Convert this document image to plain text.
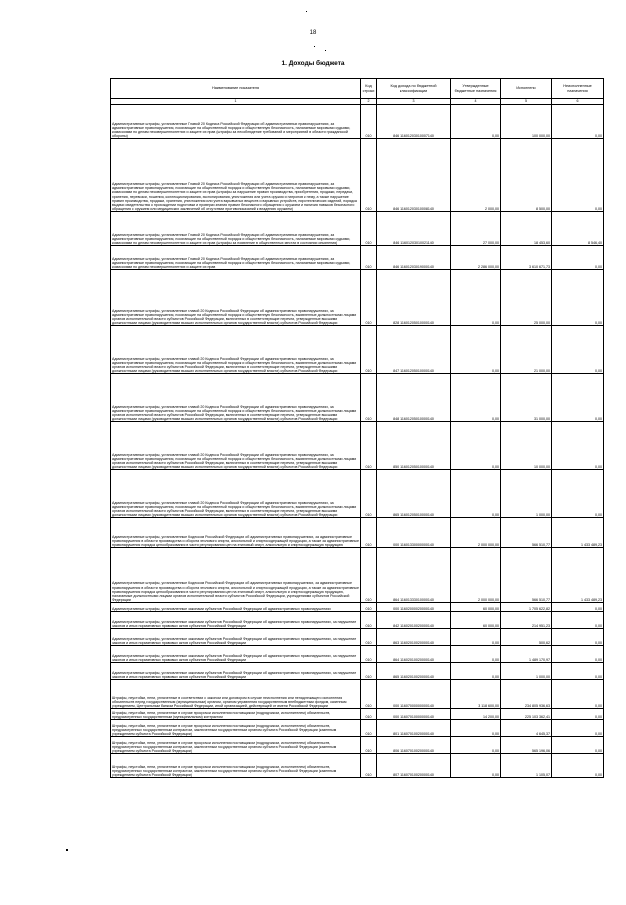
18
1. Доходы бюджета
Наименование показателя	Код строки	Код дохода по бюджетной классификации	Утвержденные бюджетные назначения	Исполнено	Неисполненные назначения
1	2	3	4	5	6
Административные штрафы, установленные Главой 20 Кодекса Российской Федерации об административных правонарушениях, за административные правонарушения, посягающие на общественный порядок и общественную безопасность, налагаемые мировыми судьями, комиссиями по делам несовершеннолетних и защите их прав (штрафы за несоблюдение требований и мероприятий в области гражданской обороны)	010	846 11601203010007140	0,00	100 000,00	0,00
Административные штрафы, установленные Главой 20 Кодекса Российской Федерации об административных правонарушениях, за административные правонарушения, посягающие на общественный порядок и общественную безопасность, налагаемые мировыми судьями, комиссиями по делам несовершеннолетних и защите их прав (штрафы за нарушение правил производства, приобретения, продажи, передачи, хранения, перевозки, ношения, коллекционирования, экспонирования, уничтожения или учета оружия и патронов к нему, а также нарушение правил производства, продажи, хранения, уничтожения или учета взрывчатых веществ и взрывных устройств, пиротехнических изделий, порядка выдачи свидетельства о прохождении подготовки и проверки знания правил безопасного обращения с оружием и наличия навыков безопасного обращения с оружием или медицинских заключений об отсутствии противопоказаний к владению оружием)	010	846 11601203010008140	2 000,00	8 500,00	0,00
Административные штрафы, установленные Главой 20 Кодекса Российской Федерации об административных правонарушениях, за административные правонарушения, посягающие на общественный порядок и общественную безопасность, налагаемые мировыми судьями, комиссиями по делам несовершеннолетних и защите их прав (штрафы за появление в общественных местах в состоянии опьянения)	010	846 11601203010021140	27 000,00	18 453,60	8 546,40
Административные штрафы, установленные Главой 20 Кодекса Российской Федерации об административных правонарушениях, за административные правонарушения, посягающие на общественный порядок и общественную безопасность, налагаемые мировыми судьями, комиссиями по делам несовершеннолетних и защите их прав	010	846 11601203019000140	2 286 000,00	3 610 671,73	0,00
Административные штрафы, установленные главой 20 Кодекса Российской Федерации об административных правонарушениях, за административные правонарушения, посягающие на общественный порядок и общественную безопасность, выявленные должностными лицами органов исполнительной власти субъектов Российской Федерации, включенных в соответствующие перечни, утвержденные высшими должностными лицами (руководителями высших исполнительных органов государственной власти) субъектов Российской Федерации	010	828 11601205010000140	0,00	25 000,00	0,00
Административные штрафы, установленные главой 20 Кодекса Российской Федерации об административных правонарушениях, за административные правонарушения, посягающие на общественный порядок и общественную безопасность, выявленные должностными лицами органов исполнительной власти субъектов Российской Федерации, включенных в соответствующие перечни, утвержденные высшими должностными лицами (руководителями высших исполнительных органов государственной власти) субъектов Российской Федерации	010	847 11601205010000140	0,00	21 000,00	0,00
Административные штрафы, установленные главой 20 Кодекса Российской Федерации об административных правонарушениях, за административные правонарушения, посягающие на общественный порядок и общественную безопасность, выявленные должностными лицами органов исполнительной власти субъектов Российской Федерации, включенных в соответствующие перечни, утвержденные высшими должностными лицами (руководителями высших исполнительных органов государственной власти) субъектов Российской Федерации	010	848 11601205010000140	0,00	31 000,00	0,00
Административные штрафы, установленные главой 20 Кодекса Российской Федерации об административных правонарушениях, за административные правонарушения, посягающие на общественный порядок и общественную безопасность, выявленные должностными лицами органов исполнительной власти субъектов Российской Федерации, включенных в соответствующие перечни, утвержденные высшими должностными лицами (руководителями высших исполнительных органов государственной власти) субъектов Российской Федерации	010	850 11601205010000140	0,00	10 000,00	0,00
Административные штрафы, установленные главой 20 Кодекса Российской Федерации об административных правонарушениях, за административные правонарушения, посягающие на общественный порядок и общественную безопасность, выявленные должностными лицами органов исполнительной власти субъектов Российской Федерации, включенных в соответствующие перечни, утвержденные высшими должностными лицами (руководителями высших исполнительных органов государственной власти) субъектов Российской Федерации	010	865 11601205010000140	0,00	1 000,00	0,00
Административные штрафы, установленные Кодексом Российской Федерации об административных правонарушениях, за административные правонарушения в области производства и оборота этилового спирта, алкогольной и спиртосодержащей продукции, а также за административные правонарушения порядка ценообразования в части регулирования цен на этиловый спирт, алкогольную и спиртосодержащую продукцию	010	000 11601330000000140	2 000 000,00	566 510,77	1 433 489,23
Административные штрафы, установленные Кодексом Российской Федерации об административных правонарушениях, за административные правонарушения в области производства и оборота этилового спирта, алкогольной и спиртосодержащей продукции, а также за административные правонарушения порядка ценообразования в части регулирования цен на этиловый спирт, алкогольную и спиртосодержащую продукцию, налагаемые должностными лицами органов исполнительной власти субъектов Российской Федерации, учреждениями субъектов Российской Федерации	010	864 11601333010000140	2 000 000,00	566 510,77	1 433 489,23
Административные штрафы, установленные законами субъектов Российской Федерации об административных правонарушениях	010	000 11602000020000140	60 000,00	1 705 622,82	0,00
Административные штрафы, установленные законами субъектов Российской Федерации об административных правонарушениях, за нарушение законов и иных нормативных правовых актов субъектов Российской Федерации	010	842 11602010020000140	60 000,00	214 951,23	0,00
Административные штрафы, установленные законами субъектов Российской Федерации об административных правонарушениях, за нарушение законов и иных нормативных правовых актов субъектов Российской Федерации	010	863 11602010020000140	0,00	500,62	0,00
Административные штрафы, установленные законами субъектов Российской Федерации об административных правонарушениях, за нарушение законов и иных нормативных правовых актов субъектов Российской Федерации	010	864 11602010020000140	0,00	1 489 170,97	0,00
Административные штрафы, установленные законами субъектов Российской Федерации об административных правонарушениях, за нарушение законов и иных нормативных правовых актов субъектов Российской Федерации	010	865 11602010020000140	0,00	1 000,00	0,00
Штрафы, неустойки, пени, уплаченные в соответствии с законом или договором в случае неисполнения или ненадлежащего исполнения обязательств перед государственным (муниципальным) органом, органом управления государственным внебюджетным фондом, казенным учреждением, Центральным банком Российской Федерации, иной организацией, действующей от имени Российской Федерации	010	000 11607000000000140	3 118 600,00	234 805 936,63	0,00
Штрафы, неустойки, пени, уплаченные в случае просрочки исполнения поставщиком (подрядчиком, исполнителем) обязательств, предусмотренных государственным (муниципальным) контрактом	010	000 11607010000000140	14 200,00	225 103 362,41	0,00
Штрафы, неустойки, пени, уплаченные в случае просрочки исполнения поставщиком (подрядчиком, исполнителем) обязательств, предусмотренных государственным контрактом, заключенным государственным органом субъекта Российской Федерации (казенным учреждением субъекта Российской Федерации)	010	801 11607010020000140	0,00	4 645,37	0,00
Штрафы, неустойки, пени, уплаченные в случае просрочки исполнения поставщиком (подрядчиком, исполнителем) обязательств, предусмотренных государственным контрактом, заключенным государственным органом субъекта Российской Федерации (казенным учреждением субъекта Российской Федерации)	010	806 11607010020000140	0,00	565 196,06	0,00
Штрафы, неустойки, пени, уплаченные в случае просрочки исполнения поставщиком (подрядчиком, исполнителем) обязательств, предусмотренных государственным контрактом, заключенным государственным органом субъекта Российской Федерации (казенным учреждением субъекта Российской Федерации)	010	807 11607010020000140	0,00	1 105,07	0,00
